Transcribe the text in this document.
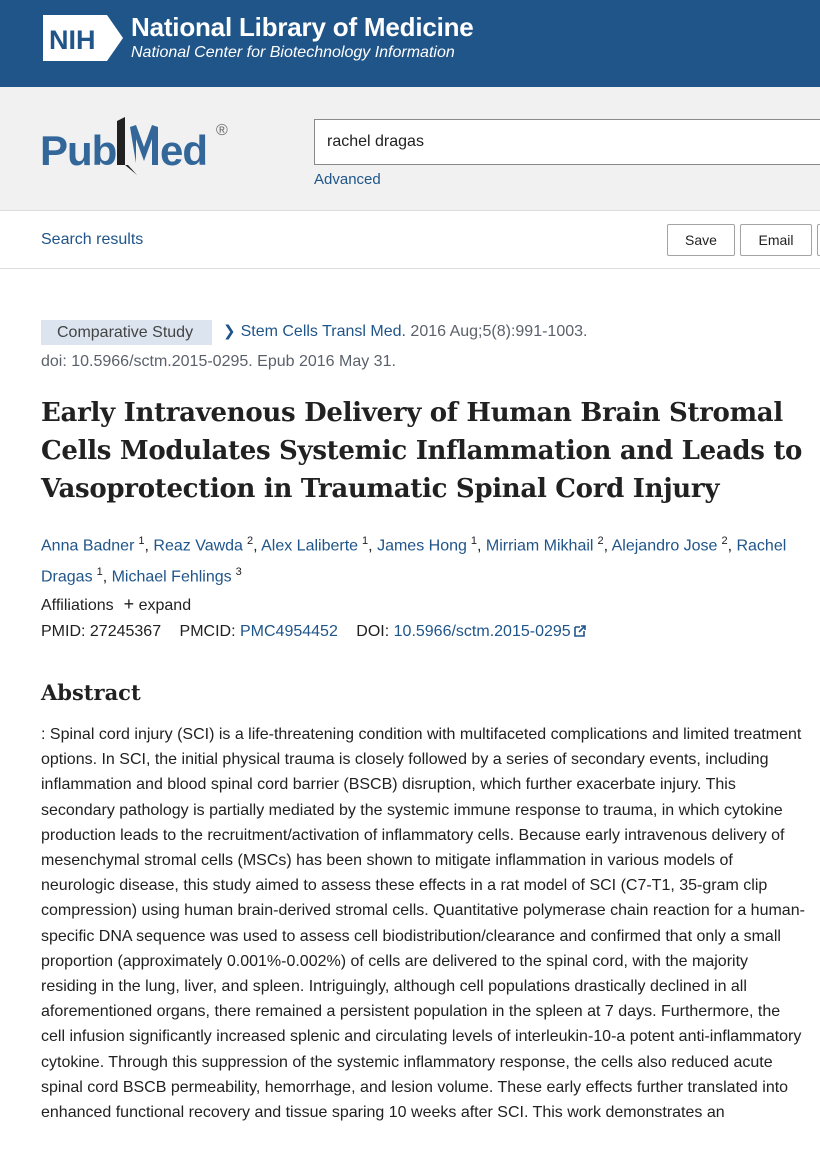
NIH National Library of Medicine
National Center for Biotechnology Information
Pub ed ®
rachel dragas
Advanced
Search results	Save	Email
Comparative Study	❯ Stem Cells Transl Med. 2016 Aug;5(8):991-1003.
doi: 10.5966/sctm.2015-0295. Epub 2016 May 31.
Early Intravenous Delivery of Human Brain Stromal Cells Modulates Systemic Inflammation and Leads to Vasoprotection in Traumatic Spinal Cord Injury
Anna Badner $^1$, Reaz Vawda $^2$, Alex Laliberte $^1$, James Hong $^1$, Mirriam Mikhail $^2$, Alejandro Jose $^2$, Rachel Dragas $^1$, Michael Fehlings $^3$
Affiliations + expand
PMID: 27245367 PMCID: PMC4954452 DOI: 10.5966/sctm.2015-0295
Abstract

: Spinal cord injury (SCI) is a life-threatening condition with multifaceted complications and limited treatment options. In SCI, the initial physical trauma is closely followed by a series of secondary events, including inflammation and blood spinal cord barrier (BSCB) disruption, which further exacerbate injury. This secondary pathology is partially mediated by the systemic immune response to trauma, in which cytokine production leads to the recruitment/activation of inflammatory cells. Because early intravenous delivery of mesenchymal stromal cells (MSCs) has been shown to mitigate inflammation in various models of neurologic disease, this study aimed to assess these effects in a rat model of SCI (C7-T1, 35-gram clip compression) using human brain-derived stromal cells. Quantitative polymerase chain reaction for a human-specific DNA sequence was used to assess cell biodistribution/clearance and confirmed that only a small proportion (approximately 0.001%-0.002%) of cells are delivered to the spinal cord, with the majority residing in the lung, liver, and spleen. Intriguingly, although cell populations drastically declined in all aforementioned organs, there remained a persistent population in the spleen at 7 days. Furthermore, the cell infusion significantly increased splenic and circulating levels of interleukin-10-a potent anti-inflammatory cytokine. Through this suppression of the systemic inflammatory response, the cells also reduced acute spinal cord BSCB permeability, hemorrhage, and lesion volume. These early effects further translated into enhanced functional recovery and tissue sparing 10 weeks after SCI. This work demonstrates an
